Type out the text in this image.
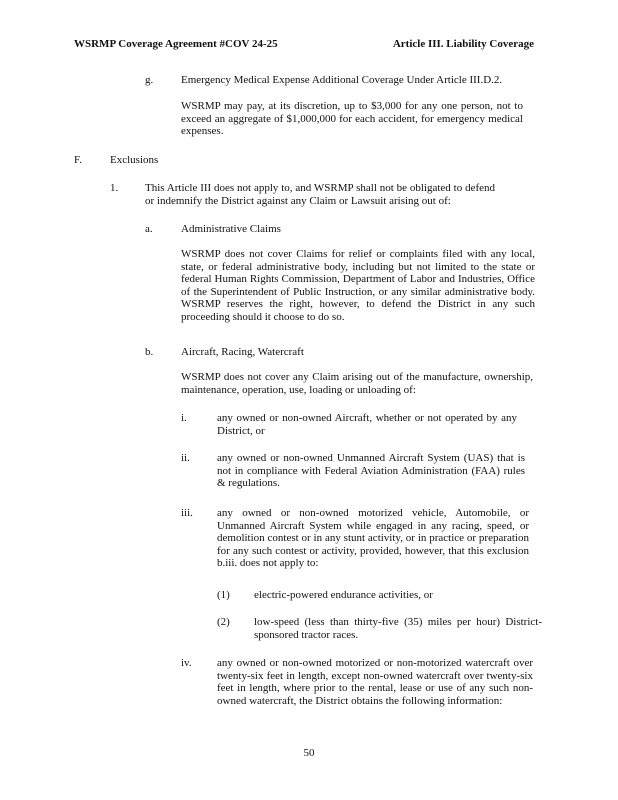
WSRMP Coverage Agreement #COV 24-25	Article III. Liability Coverage
g.	Emergency Medical Expense Additional Coverage Under Article III.D.2.
WSRMP may pay, at its discretion, up to $3,000 for any one person, not to exceed an aggregate of $1,000,000 for each accident, for emergency medical expenses.
F.	Exclusions
1. This Article III does not apply to, and WSRMP shall not be obligated to defend or indemnify the District against any Claim or Lawsuit arising out of:
a.	Administrative Claims
WSRMP does not cover Claims for relief or complaints filed with any local, state, or federal administrative body, including but not limited to the state or federal Human Rights Commission, Department of Labor and Industries, Office of the Superintendent of Public Instruction, or any similar administrative body. WSRMP reserves the right, however, to defend the District in any such proceeding should it choose to do so.
b.	Aircraft, Racing, Watercraft
WSRMP does not cover any Claim arising out of the manufacture, ownership, maintenance, operation, use, loading or unloading of:
i.	any owned or non-owned Aircraft, whether or not operated by any District, or
ii. any owned or non-owned Unmanned Aircraft System (UAS) that is not in compliance with Federal Aviation Administration (FAA) rules & regulations.
iii. any owned or non-owned motorized vehicle, Automobile, or Unmanned Aircraft System while engaged in any racing, speed, or demolition contest or in any stunt activity, or in practice or preparation for any such contest or activity, provided, however, that this exclusion b.iii. does not apply to:
(1) electric-powered endurance activities, or
(2) low-speed (less than thirty-five (35) miles per hour) District-sponsored tractor races.
iv. any owned or non-owned motorized or non-motorized watercraft over twenty-six feet in length, except non-owned watercraft over twenty-six feet in length, where prior to the rental, lease or use of any such non-owned watercraft, the District obtains the following information:
50
